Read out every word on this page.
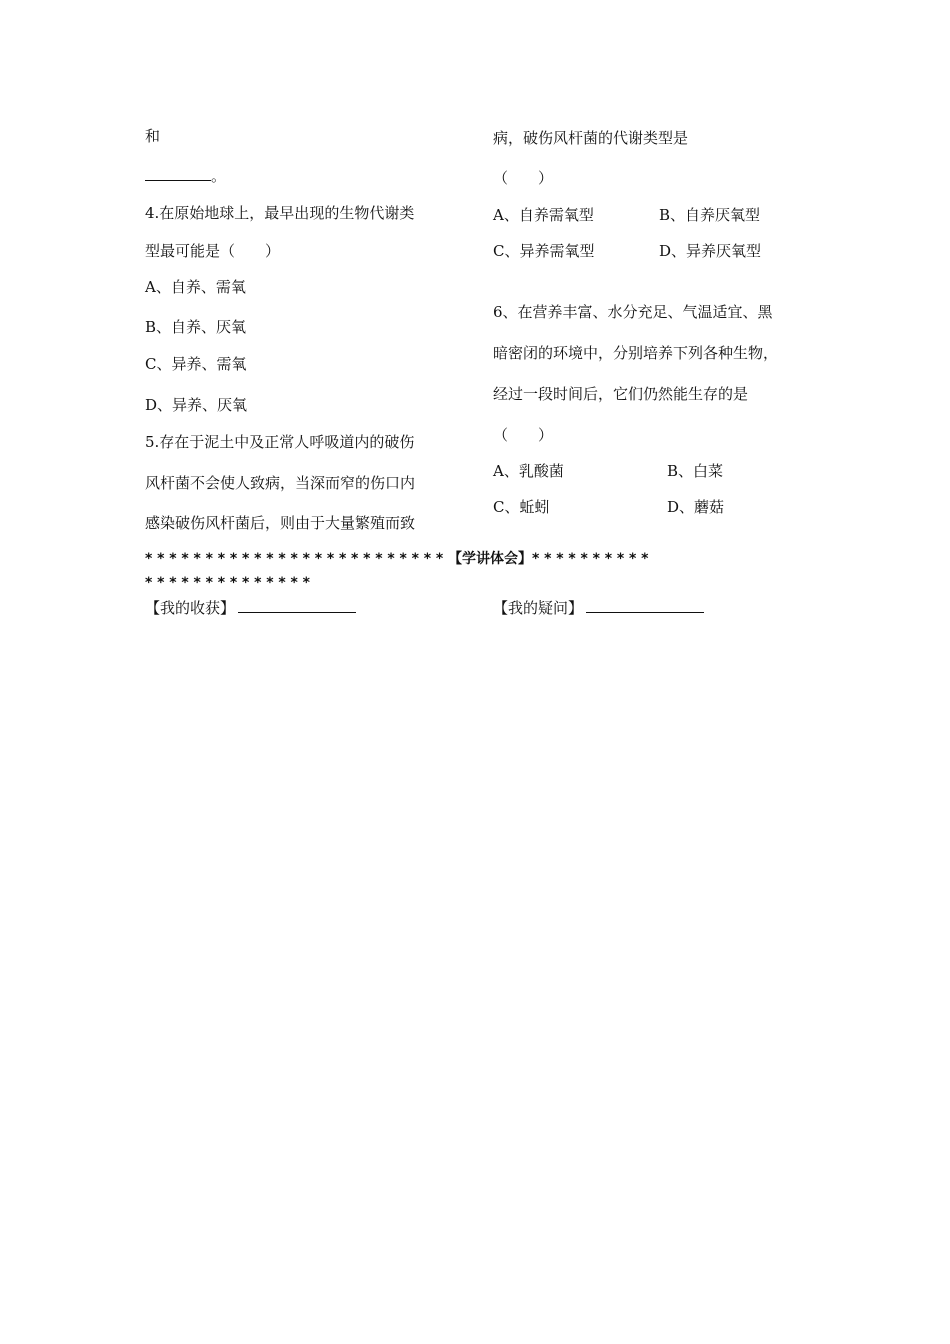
和
。
4.在原始地球上，最早出现的生物代谢类
型最可能是（　　）
A、自养、需氧
B、自养、厌氧
C、异养、需氧
D、异养、厌氧
5.存在于泥土中及正常人呼吸道内的破伤
风杆菌不会使人致病，当深而窄的伤口内
感染破伤风杆菌后，则由于大量繁殖而致
病，破伤风杆菌的代谢类型是
（　　）
A、自养需氧型	B、自养厌氧型
C、异养需氧型	D、异养厌氧型
6、在营养丰富、水分充足、气温适宜、黑
暗密闭的环境中，分别培养下列各种生物，
经过一段时间后，它们仍然能生存的是
（　　）
A、乳酸菌	B、白菜
C、蚯蚓	D、蘑菇
*************************【学讲体会】**********
**************
【我的收获】	【我的疑问】
